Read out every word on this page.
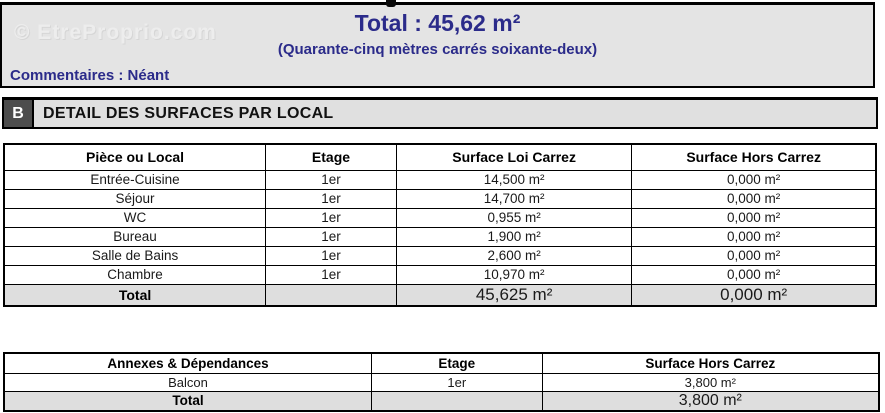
© EtreProprio.com	Total : 45,62 m²
(Quarante-cinq mètres carrés soixante-deux)
Commentaires : Néant
B	DETAIL DES SURFACES PAR LOCAL
Pièce ou Local	Etage	Surface Loi Carrez	Surface Hors Carrez
Entrée-Cuisine	1er	14,500 m²	0,000 m²
Séjour	1er	14,700 m²	0,000 m²
WC	1er	0,955 m²	0,000 m²
Bureau	1er	1,900 m²	0,000 m²
Salle de Bains	1er	2,600 m²	0,000 m²
Chambre	1er	10,970 m²	0,000 m²
Total		45,625 m²	0,000 m²
Annexes & Dépendances	Etage	Surface Hors Carrez
Balcon	1er	3,800 m²
Total		3,800 m²
